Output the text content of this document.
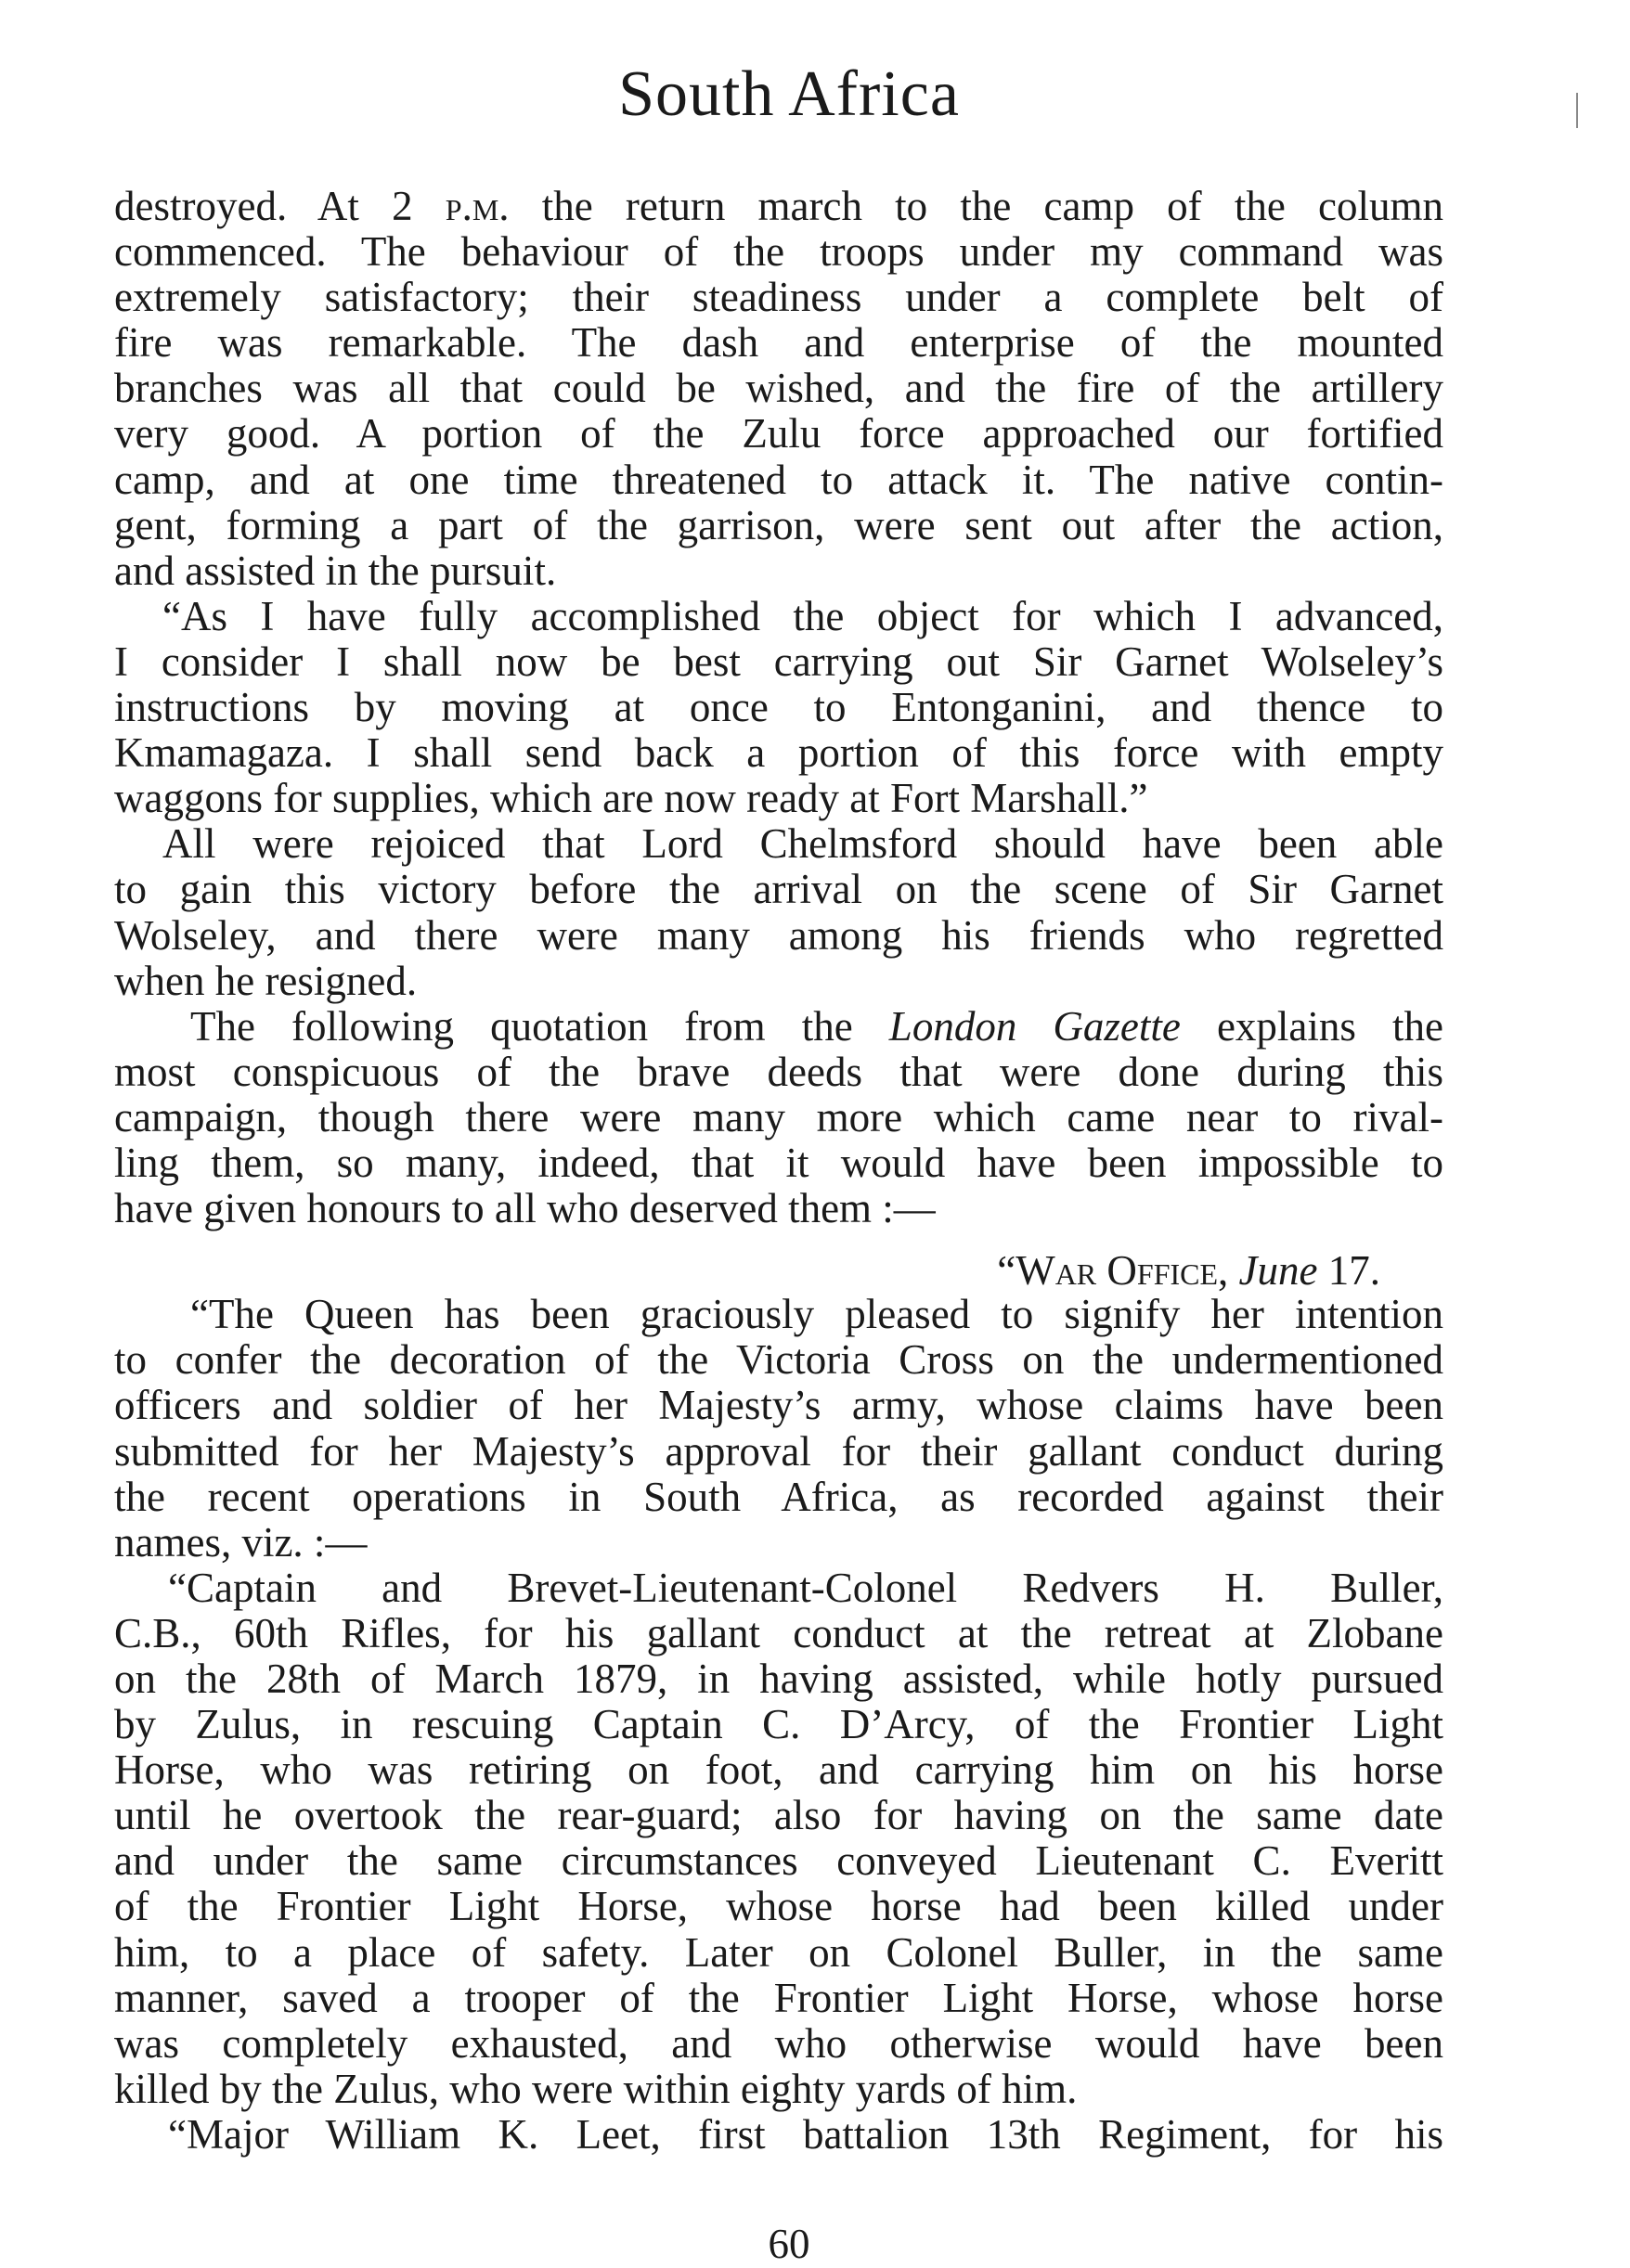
South Africa
destroyed. At 2 p.m. the return march to the camp of the column
commenced. The behaviour of the troops under my command was
extremely satisfactory; their steadiness under a complete belt of
fire was remarkable. The dash and enterprise of the mounted
branches was all that could be wished, and the fire of the artillery
very good. A portion of the Zulu force approached our fortified
camp, and at one time threatened to attack it. The native contin-
gent, forming a part of the garrison, were sent out after the action,
and assisted in the pursuit.
“As I have fully accomplished the object for which I advanced,
I consider I shall now be best carrying out Sir Garnet Wolseley’s
instructions by moving at once to Entonganini, and thence to
Kmamagaza. I shall send back a portion of this force with empty
waggons for supplies, which are now ready at Fort Marshall.”
All were rejoiced that Lord Chelmsford should have been able
to gain this victory before the arrival on the scene of Sir Garnet
Wolseley, and there were many among his friends who regretted
when he resigned.
The following quotation from the London Gazette explains the
most conspicuous of the brave deeds that were done during this
campaign, though there were many more which came near to rival-
ling them, so many, indeed, that it would have been impossible to
have given honours to all who deserved them :—
“War Office, June 17.
“The Queen has been graciously pleased to signify her intention
to confer the decoration of the Victoria Cross on the undermentioned
officers and soldier of her Majesty’s army, whose claims have been
submitted for her Majesty’s approval for their gallant conduct during
the recent operations in South Africa, as recorded against their
names, viz. :—
“Captain and Brevet-Lieutenant-Colonel Redvers H. Buller,
C.B., 60th Rifles, for his gallant conduct at the retreat at Zlobane
on the 28th of March 1879, in having assisted, while hotly pursued
by Zulus, in rescuing Captain C. D’Arcy, of the Frontier Light
Horse, who was retiring on foot, and carrying him on his horse
until he overtook the rear-guard; also for having on the same date
and under the same circumstances conveyed Lieutenant C. Everitt
of the Frontier Light Horse, whose horse had been killed under
him, to a place of safety. Later on Colonel Buller, in the same
manner, saved a trooper of the Frontier Light Horse, whose horse
was completely exhausted, and who otherwise would have been
killed by the Zulus, who were within eighty yards of him.
“Major William K. Leet, first battalion 13th Regiment, for his
60
